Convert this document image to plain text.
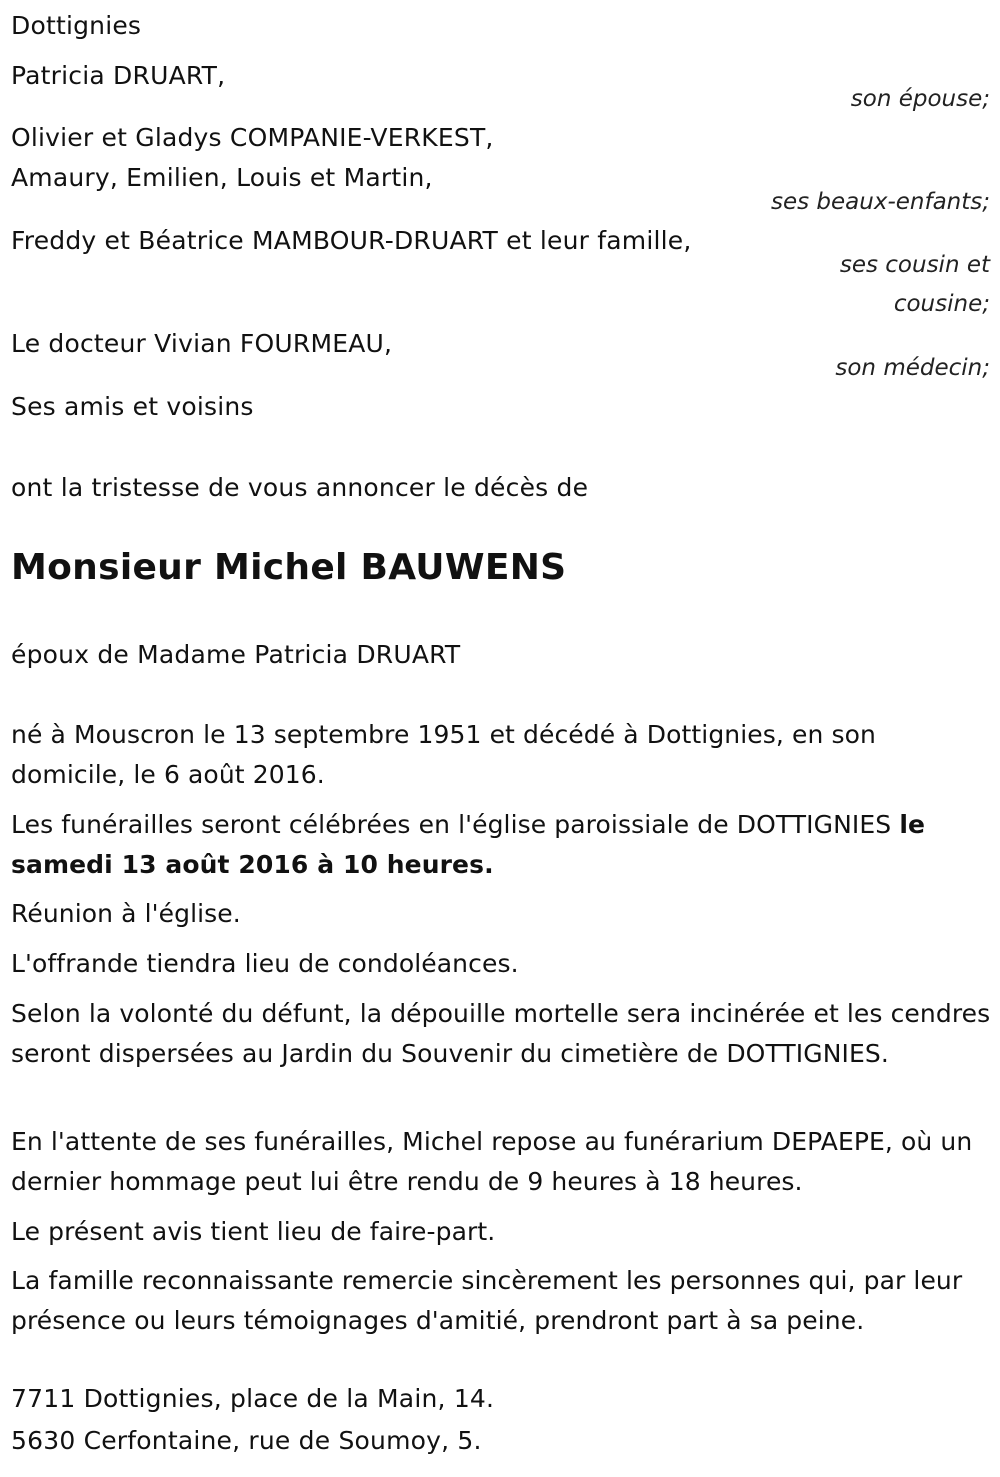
Dottignies
Patricia DRUART,
son épouse;
Olivier et Gladys COMPANIE-VERKEST,
Amaury, Emilien, Louis et Martin,
ses beaux-enfants;
Freddy et Béatrice MAMBOUR-DRUART et leur famille,
ses cousin et
cousine;
Le docteur Vivian FOURMEAU,
son médecin;
Ses amis et voisins
ont la tristesse de vous annoncer le décès de
Monsieur Michel BAUWENS
époux de Madame Patricia DRUART
né à Mouscron le 13 septembre 1951 et décédé à Dottignies, en son domicile, le 6 août 2016.
Les funérailles seront célébrées en l'église paroissiale de DOTTIGNIES le samedi 13 août 2016 à 10 heures.
Réunion à l'église.
L'offrande tiendra lieu de condoléances.
Selon la volonté du défunt, la dépouille mortelle sera incinérée et les cendres seront dispersées au Jardin du Souvenir du cimetière de DOTTIGNIES.
En l'attente de ses funérailles, Michel repose au funérarium DEPAEPE, où un dernier hommage peut lui être rendu de 9 heures à 18 heures.
Le présent avis tient lieu de faire-part.
La famille reconnaissante remercie sincèrement les personnes qui, par leur présence ou leurs témoignages d'amitié, prendront part à sa peine.
7711 Dottignies, place de la Main, 14.
5630 Cerfontaine, rue de Soumoy, 5.
